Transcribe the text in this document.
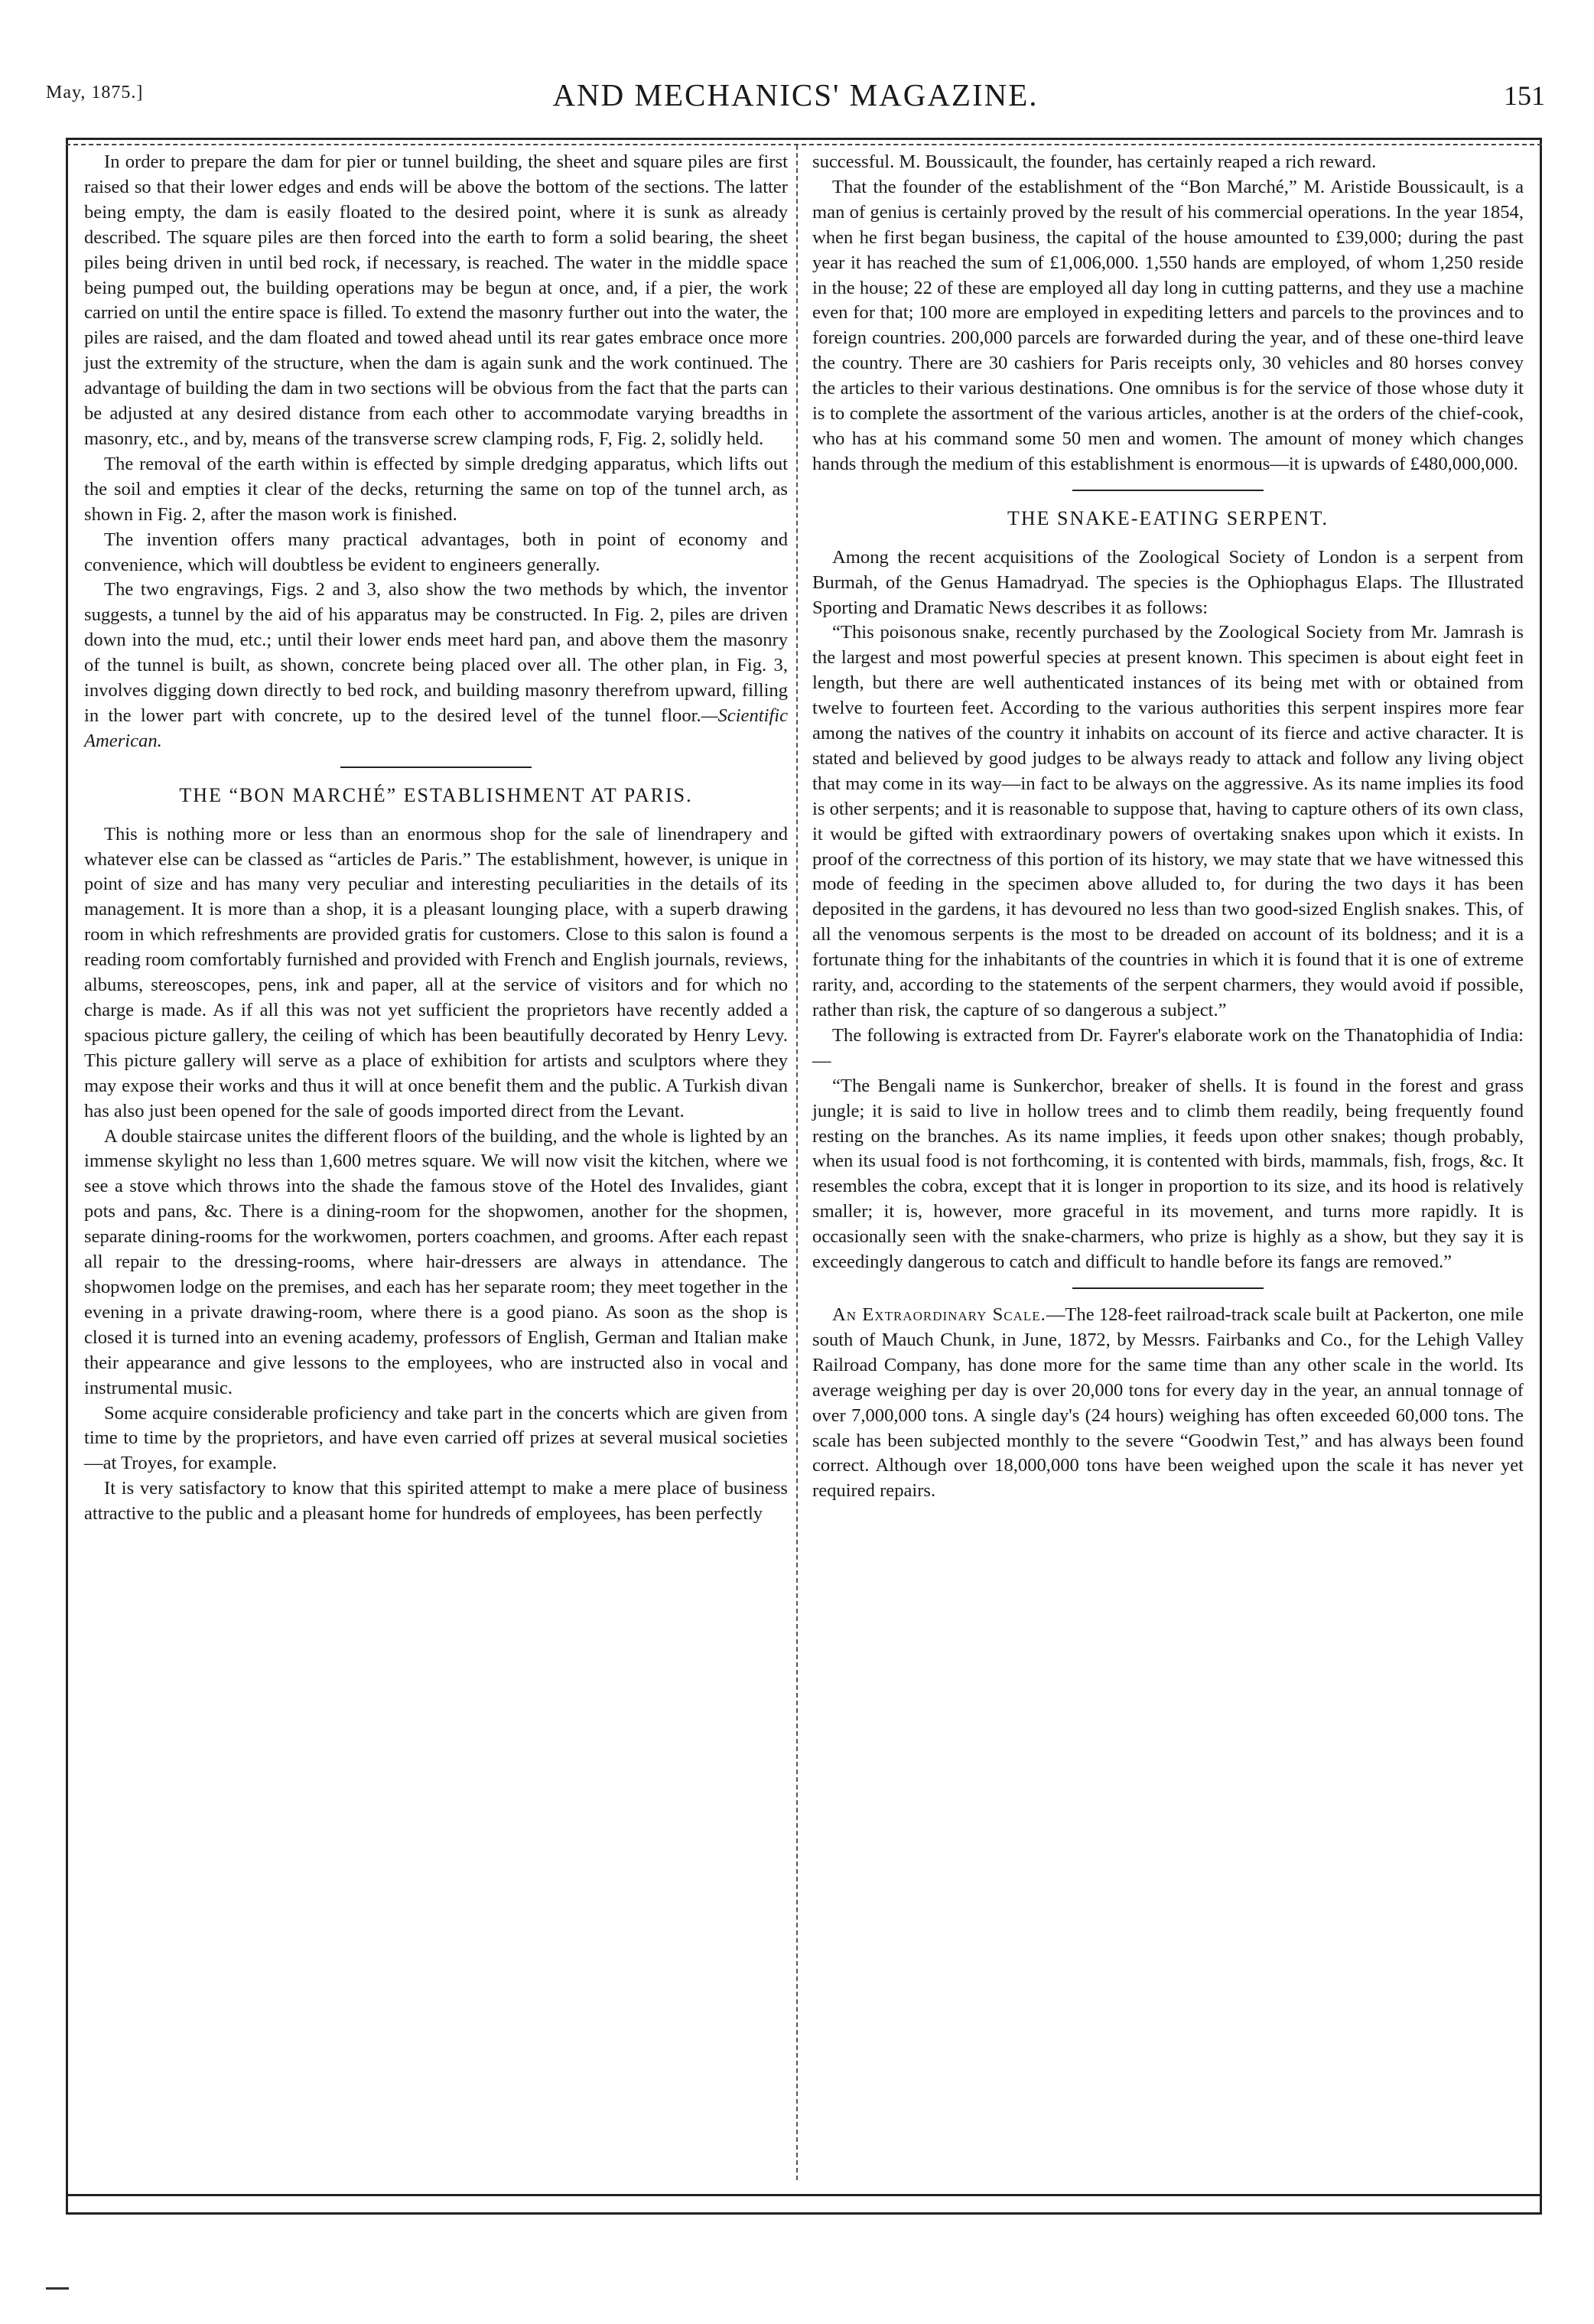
May, 1875.]	AND MECHANICS' MAGAZINE.	151

In order to prepare the dam for pier or tunnel building, the sheet and square piles are first raised so that their lower edges and ends will be above the bottom of the sections. The latter being empty, the dam is easily floated to the desired point, where it is sunk as already described. The square piles are then forced into the earth to form a solid bearing, the sheet piles being driven in until bed rock, if necessary, is reached. The water in the middle space being pumped out, the building operations may be begun at once, and, if a pier, the work carried on until the entire space is filled. To extend the masonry further out into the water, the piles are raised, and the dam floated and towed ahead until its rear gates embrace once more just the extremity of the structure, when the dam is again sunk and the work continued. The advantage of building the dam in two sections will be obvious from the fact that the parts can be adjusted at any desired distance from each other to accommodate varying breadths in masonry, etc., and by, means of the transverse screw clamping rods, F, Fig. 2, solidly held.

The removal of the earth within is effected by simple dredging apparatus, which lifts out the soil and empties it clear of the decks, returning the same on top of the tunnel arch, as shown in Fig. 2, after the mason work is finished.

The invention offers many practical advantages, both in point of economy and convenience, which will doubtless be evident to engineers generally.

The two engravings, Figs. 2 and 3, also show the two methods by which, the inventor suggests, a tunnel by the aid of his apparatus may be constructed. In Fig. 2, piles are driven down into the mud, etc.; until their lower ends meet hard pan, and above them the masonry of the tunnel is built, as shown, concrete being placed over all. The other plan, in Fig. 3, involves digging down directly to bed rock, and building masonry therefrom upward, filling in the lower part with concrete, up to the desired level of the tunnel floor.—Scientific American.

THE “BON MARCHÉ” ESTABLISHMENT AT PARIS.

This is nothing more or less than an enormous shop for the sale of linendrapery and whatever else can be classed as “articles de Paris.” The establishment, however, is unique in point of size and has many very peculiar and interesting peculiarities in the details of its management. It is more than a shop, it is a pleasant lounging place, with a superb drawing room in which refreshments are provided gratis for customers. Close to this salon is found a reading room comfortably furnished and provided with French and English journals, reviews, albums, stereoscopes, pens, ink and paper, all at the service of visitors and for which no charge is made. As if all this was not yet sufficient the proprietors have recently added a spacious picture gallery, the ceiling of which has been beautifully decorated by Henry Levy. This picture gallery will serve as a place of exhibition for artists and sculptors where they may expose their works and thus it will at once benefit them and the public. A Turkish divan has also just been opened for the sale of goods imported direct from the Levant.

A double staircase unites the different floors of the building, and the whole is lighted by an immense skylight no less than 1,600 metres square. We will now visit the kitchen, where we see a stove which throws into the shade the famous stove of the Hotel des Invalides, giant pots and pans, &c. There is a dining-room for the shopwomen, another for the shopmen, separate dining-rooms for the workwomen, porters coachmen, and grooms. After each repast all repair to the dressing-rooms, where hair-dressers are always in attendance. The shopwomen lodge on the premises, and each has her separate room; they meet together in the evening in a private drawing-room, where there is a good piano. As soon as the shop is closed it is turned into an evening academy, professors of English, German and Italian make their appearance and give lessons to the employees, who are instructed also in vocal and instrumental music.

Some acquire considerable proficiency and take part in the concerts which are given from time to time by the proprietors, and have even carried off prizes at several musical societies—at Troyes, for example.

It is very satisfactory to know that this spirited attempt to make a mere place of business attractive to the public and a pleasant home for hundreds of employees, has been perfectly

successful. M. Boussicault, the founder, has certainly reaped a rich reward.

That the founder of the establishment of the “Bon Marché,” M. Aristide Boussicault, is a man of genius is certainly proved by the result of his commercial operations. In the year 1854, when he first began business, the capital of the house amounted to £39,000; during the past year it has reached the sum of £1,006,000. 1,550 hands are employed, of whom 1,250 reside in the house; 22 of these are employed all day long in cutting patterns, and they use a machine even for that; 100 more are employed in expediting letters and parcels to the provinces and to foreign countries. 200,000 parcels are forwarded during the year, and of these one-third leave the country. There are 30 cashiers for Paris receipts only, 30 vehicles and 80 horses convey the articles to their various destinations. One omnibus is for the service of those whose duty it is to complete the assortment of the various articles, another is at the orders of the chief-cook, who has at his command some 50 men and women. The amount of money which changes hands through the medium of this establishment is enormous—it is upwards of £480,000,000.

THE SNAKE-EATING SERPENT.

Among the recent acquisitions of the Zoological Society of London is a serpent from Burmah, of the Genus Hamadryad. The species is the Ophiophagus Elaps. The Illustrated Sporting and Dramatic News describes it as follows:

“This poisonous snake, recently purchased by the Zoological Society from Mr. Jamrash is the largest and most powerful species at present known. This specimen is about eight feet in length, but there are well authenticated instances of its being met with or obtained from twelve to fourteen feet. According to the various authorities this serpent inspires more fear among the natives of the country it inhabits on account of its fierce and active character. It is stated and believed by good judges to be always ready to attack and follow any living object that may come in its way—in fact to be always on the aggressive. As its name implies its food is other serpents; and it is reasonable to suppose that, having to capture others of its own class, it would be gifted with extraordinary powers of overtaking snakes upon which it exists. In proof of the correctness of this portion of its history, we may state that we have witnessed this mode of feeding in the specimen above alluded to, for during the two days it has been deposited in the gardens, it has devoured no less than two good-sized English snakes. This, of all the venomous serpents is the most to be dreaded on account of its boldness; and it is a fortunate thing for the inhabitants of the countries in which it is found that it is one of extreme rarity, and, according to the statements of the serpent charmers, they would avoid if possible, rather than risk, the capture of so dangerous a subject.”

The following is extracted from Dr. Fayrer's elaborate work on the Thanatophidia of India:—

“The Bengali name is Sunkerchor, breaker of shells. It is found in the forest and grass jungle; it is said to live in hollow trees and to climb them readily, being frequently found resting on the branches. As its name implies, it feeds upon other snakes; though probably, when its usual food is not forthcoming, it is contented with birds, mammals, fish, frogs, &c. It resembles the cobra, except that it is longer in proportion to its size, and its hood is relatively smaller; it is, however, more graceful in its movement, and turns more rapidly. It is occasionally seen with the snake-charmers, who prize is highly as a show, but they say it is exceedingly dangerous to catch and difficult to handle before its fangs are removed.”

An Extraordinary Scale.—The 128-feet railroad-track scale built at Packerton, one mile south of Mauch Chunk, in June, 1872, by Messrs. Fairbanks and Co., for the Lehigh Valley Railroad Company, has done more for the same time than any other scale in the world. Its average weighing per day is over 20,000 tons for every day in the year, an annual tonnage of over 7,000,000 tons. A single day's (24 hours) weighing has often exceeded 60,000 tons. The scale has been subjected monthly to the severe “Goodwin Test,” and has always been found correct. Although over 18,000,000 tons have been weighed upon the scale it has never yet required repairs.
